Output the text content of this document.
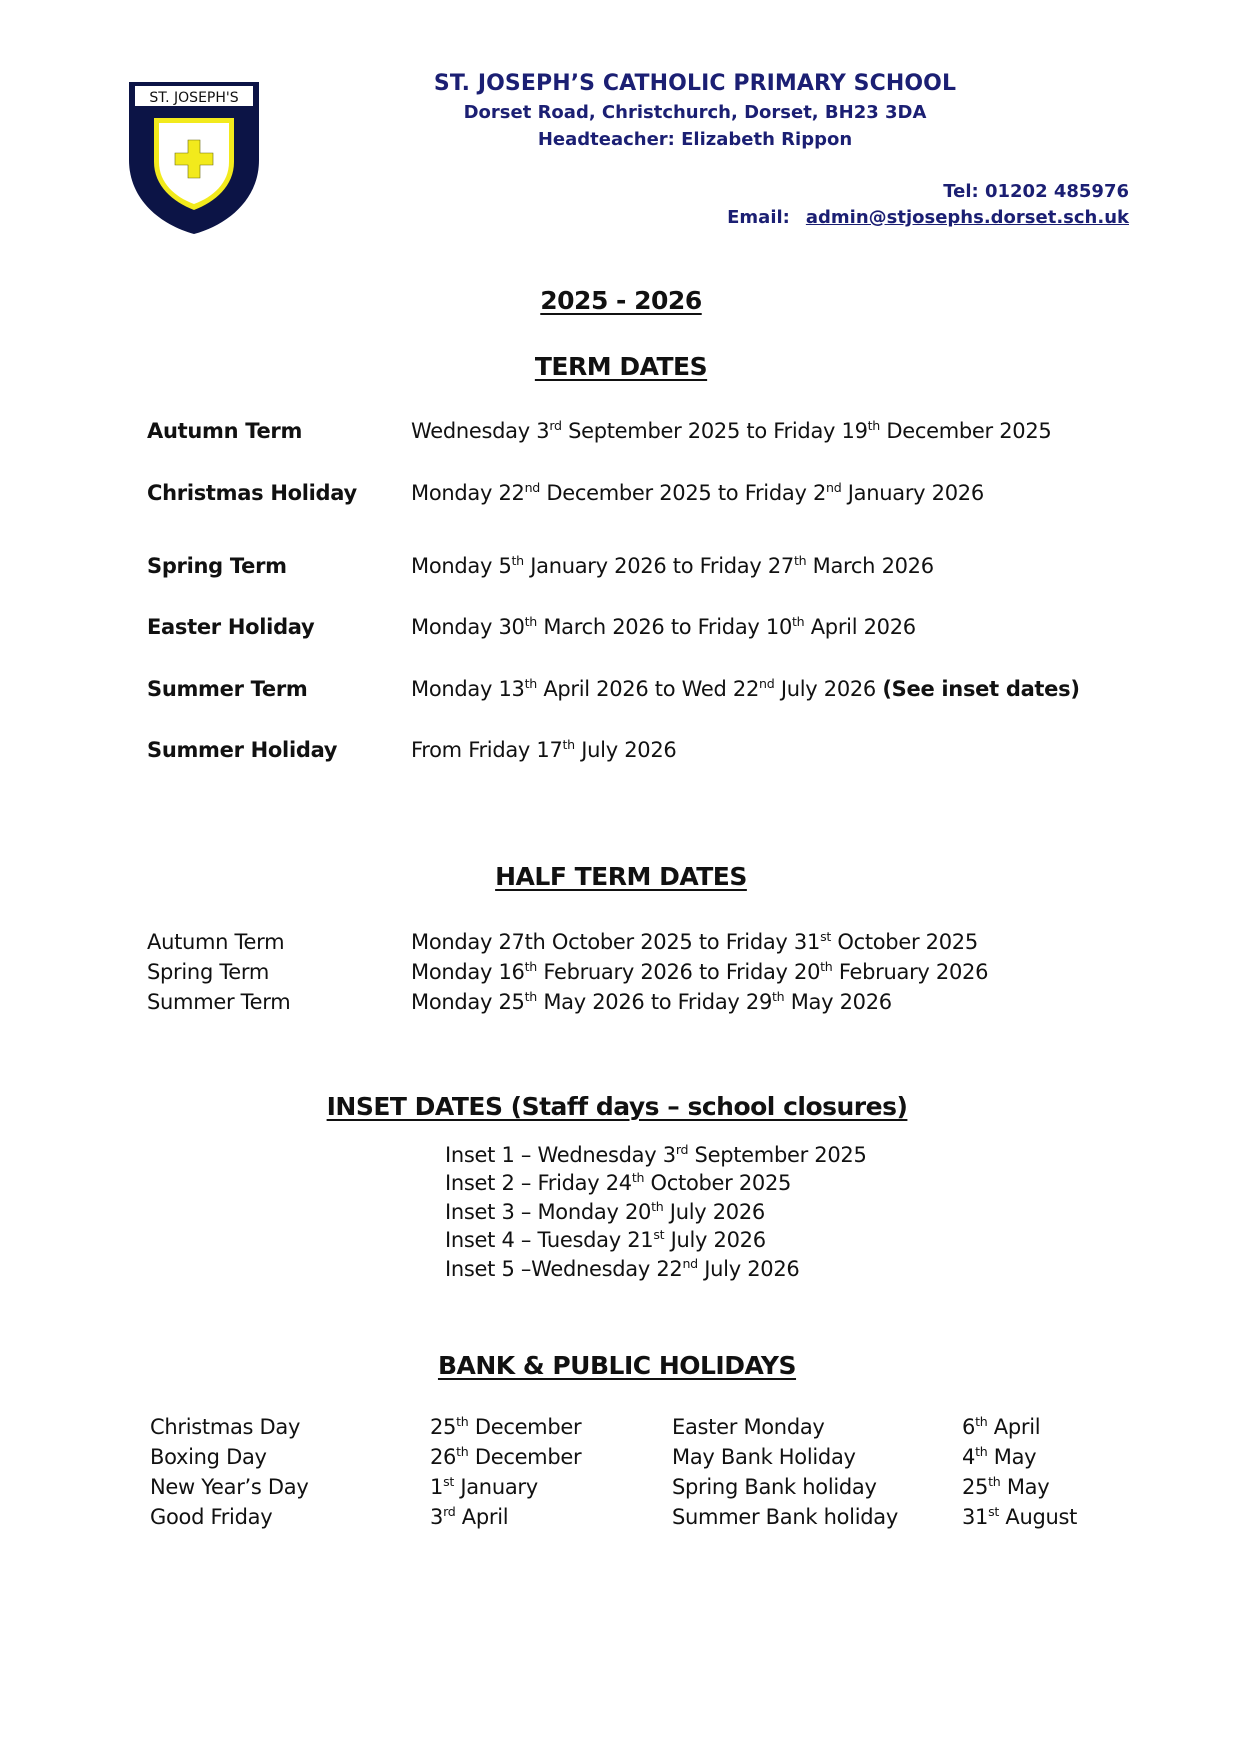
ST. JOSEPH'S
ST. JOSEPH’S CATHOLIC PRIMARY SCHOOL
Dorset Road, Christchurch, Dorset, BH23 3DA
Headteacher: Elizabeth Rippon
Tel: 01202 485976
Email: admin@stjosephs.dorset.sch.uk
2025 - 2026
TERM DATES
Autumn Term	Wednesday 3rd September 2025 to Friday 19th December 2025
Christmas Holiday	Monday 22nd December 2025 to Friday 2nd January 2026
Spring Term	Monday 5th January 2026 to Friday 27th March 2026
Easter Holiday	Monday 30th March 2026 to Friday 10th April 2026
Summer Term	Monday 13th April 2026 to Wed 22nd July 2026 (See inset dates)
Summer Holiday	From Friday 17th July 2026
HALF TERM DATES
Autumn Term	Monday 27th October 2025 to Friday 31st October 2025
Spring Term	Monday 16th February 2026 to Friday 20th February 2026
Summer Term	Monday 25th May 2026 to Friday 29th May 2026
INSET DATES (Staff days – school closures)
Inset 1 – Wednesday 3rd September 2025
Inset 2 – Friday 24th October 2025
Inset 3 – Monday 20th July 2026
Inset 4 – Tuesday 21st July 2026
Inset 5 –Wednesday 22nd July 2026
BANK & PUBLIC HOLIDAYS
Christmas Day	25th December	Easter Monday	6th April
Boxing Day	26th December	May Bank Holiday	4th May
New Year’s Day	1st January	Spring Bank holiday	25th May
Good Friday	3rd April	Summer Bank holiday	31st August
